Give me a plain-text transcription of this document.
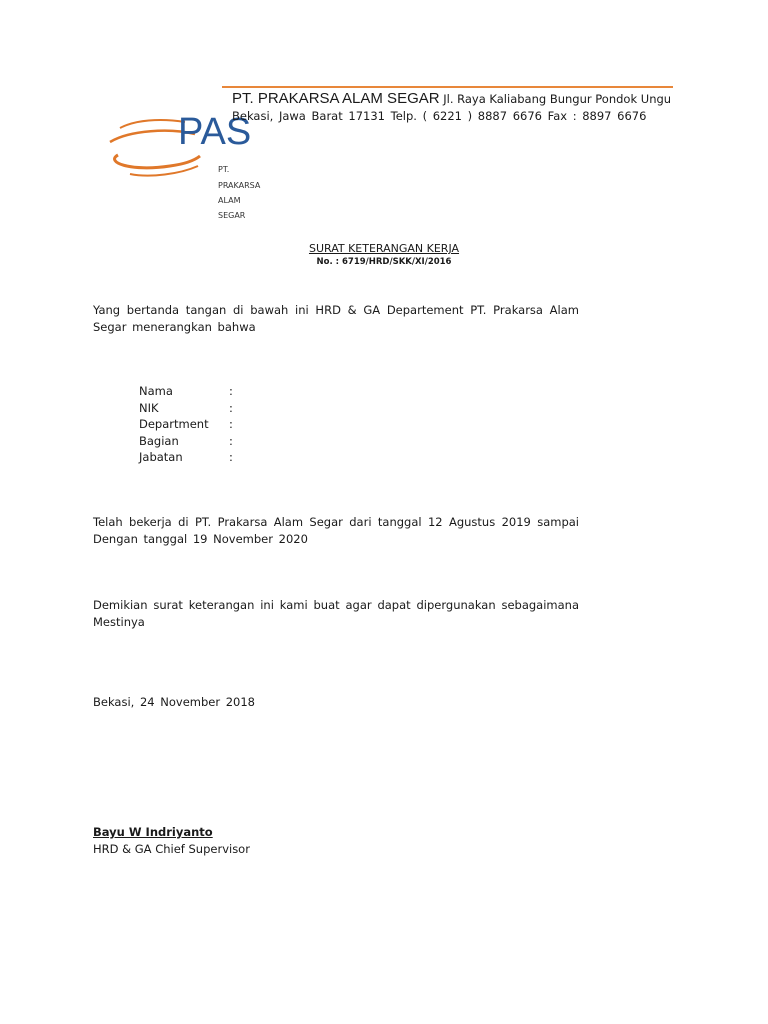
PAS
PT.
PRAKARSA
ALAM
SEGAR
PT. PRAKARSA ALAM SEGAR Jl. Raya Kaliabang Bungur Pondok Ungu
Bekasi, Jawa Barat 17131 Telp. ( 6221 ) 8887 6676 Fax : 8897 6676
SURAT KETERANGAN KERJA
No. : 6719/HRD/SKK/XI/2016
Yang bertanda tangan di bawah ini HRD & GA Departement PT. Prakarsa Alam Segar menerangkan bahwa
Nama	:
NIK	:
Department	:
Bagian	:
Jabatan	:
Telah bekerja di PT. Prakarsa Alam Segar dari tanggal 12 Agustus 2019 sampai Dengan tanggal 19 November 2020
Demikian surat keterangan ini kami buat agar dapat dipergunakan sebagaimana Mestinya
Bekasi, 24 November 2018
Bayu W Indriyanto
HRD & GA Chief Supervisor
